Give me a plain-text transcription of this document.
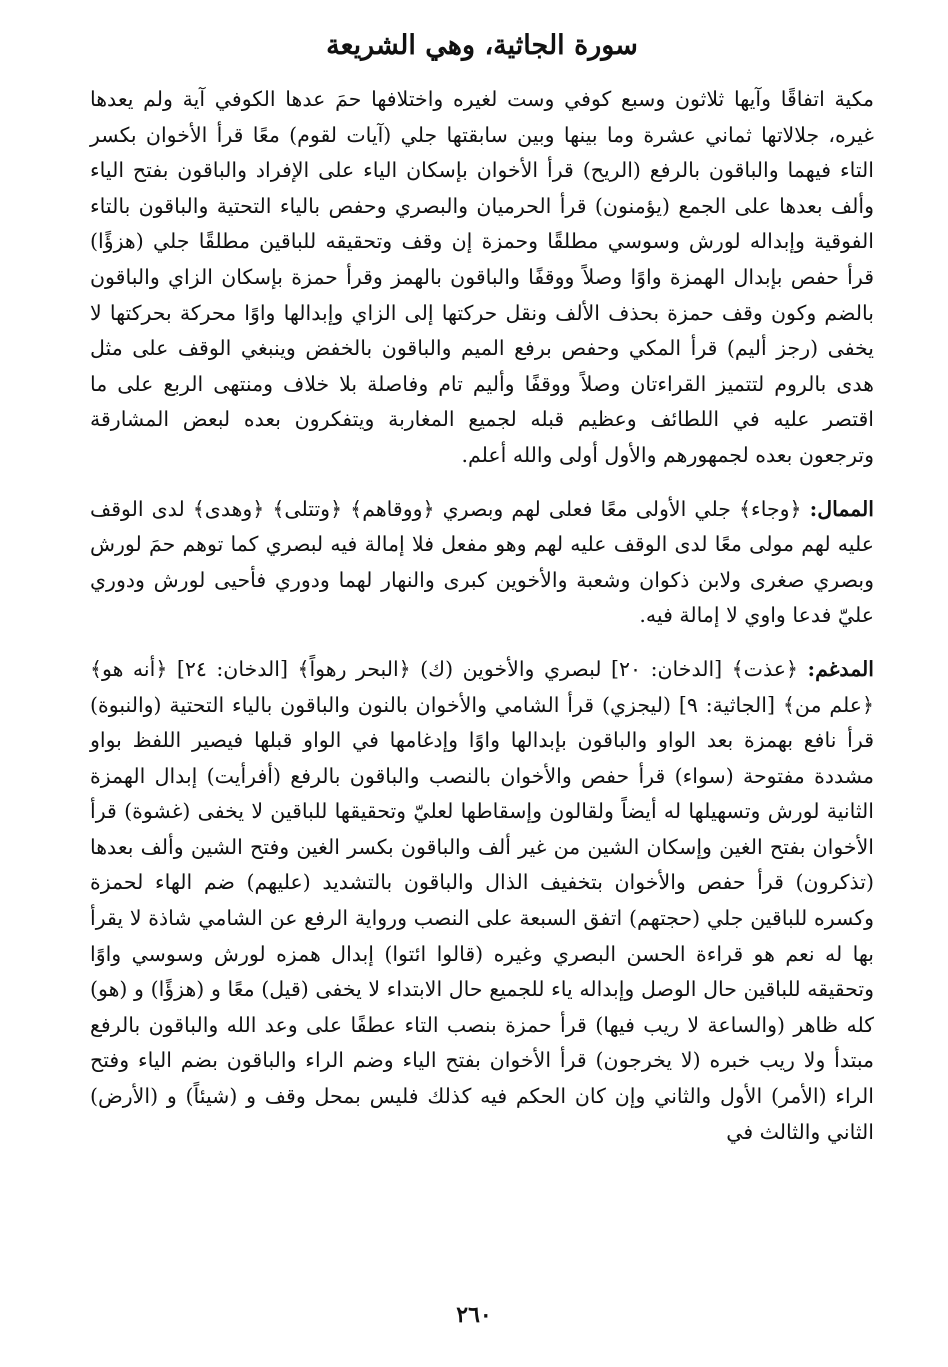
سورة الجاثية، وهي الشريعة

مكية اتفاقًا وآيها ثلاثون وسبع كوفي وست لغيره واختلافها حمَ عدها الكوفي آية ولم يعدها غيره، جلالاتها ثماني عشرة وما بينها وبين سابقتها جلي (آيات لقوم) معًا قرأ الأخوان بكسر التاء فيهما والباقون بالرفع (الريح) قرأ الأخوان بإسكان الياء على الإفراد والباقون بفتح الياء وألف بعدها على الجمع (يؤمنون) قرأ الحرميان والبصري وحفص بالياء التحتية والباقون بالتاء الفوقية وإبداله لورش وسوسي مطلقًا وحمزة إن وقف وتحقيقه للباقين مطلقًا جلي (هزؤًا) قرأ حفص بإبدال الهمزة واوًا وصلاً ووقفًا والباقون بالهمز وقرأ حمزة بإسكان الزاي والباقون بالضم وكون وقف حمزة بحذف الألف ونقل حركتها إلى الزاي وإبدالها واوًا محركة بحركتها لا يخفى (رجز أليم) قرأ المكي وحفص برفع الميم والباقون بالخفض وينبغي الوقف على مثل هدى بالروم لتتميز القراءتان وصلاً ووقفًا وأليم تام وفاصلة بلا خلاف ومنتهى الربع على ما اقتصر عليه في اللطائف وعظيم قبله لجميع المغاربة ويتفكرون بعده لبعض المشارقة وترجعون بعده لجمهورهم والأول أولى والله أعلم.

الممال: ﴿وجاء﴾ جلي الأولى معًا فعلى لهم وبصري ﴿ووقاهم﴾ ﴿وتتلى﴾ ﴿وهدى﴾ لدى الوقف عليه لهم مولى معًا لدى الوقف عليه لهم وهو مفعل فلا إمالة فيه لبصري كما توهم حمَ لورش وبصري صغرى ولابن ذكوان وشعبة والأخوين كبرى والنهار لهما ودوري فأحيى لورش ودوري عليّ فدعا واوي لا إمالة فيه.

المدغم: ﴿عذت﴾ [الدخان: ٢٠] لبصري والأخوين (ك) ﴿البحر رهواً﴾ [الدخان: ٢٤] ﴿أنه هو﴾ ﴿علم من﴾ [الجاثية: ٩] (ليجزي) قرأ الشامي والأخوان بالنون والباقون بالياء التحتية (والنبوة) قرأ نافع بهمزة بعد الواو والباقون بإبدالها واوًا وإدغامها في الواو قبلها فيصير اللفظ بواو مشددة مفتوحة (سواء) قرأ حفص والأخوان بالنصب والباقون بالرفع (أفرأيت) إبدال الهمزة الثانية لورش وتسهيلها له أيضاً ولقالون وإسقاطها لعليّ وتحقيقها للباقين لا يخفى (غشوة) قرأ الأخوان بفتح الغين وإسكان الشين من غير ألف والباقون بكسر الغين وفتح الشين وألف بعدها (تذكرون) قرأ حفص والأخوان بتخفيف الذال والباقون بالتشديد (عليهم) ضم الهاء لحمزة وكسره للباقين جلي (حجتهم) اتفق السبعة على النصب ورواية الرفع عن الشامي شاذة لا يقرأ بها له نعم هو قراءة الحسن البصري وغيره (قالوا ائتوا) إبدال همزه لورش وسوسي واوًا وتحقيقه للباقين حال الوصل وإبداله ياء للجميع حال الابتداء لا يخفى (قيل) معًا و (هزؤًا) و (هو) كله ظاهر (والساعة لا ريب فيها) قرأ حمزة بنصب التاء عطفًا على وعد الله والباقون بالرفع مبتدأ ولا ريب خبره (لا يخرجون) قرأ الأخوان بفتح الياء وضم الراء والباقون بضم الياء وفتح الراء (الأمر) الأول والثاني وإن كان الحكم فيه كذلك فليس بمحل وقف و (شيئاً) و (الأرض) الثاني والثالث في

٢٦٠
